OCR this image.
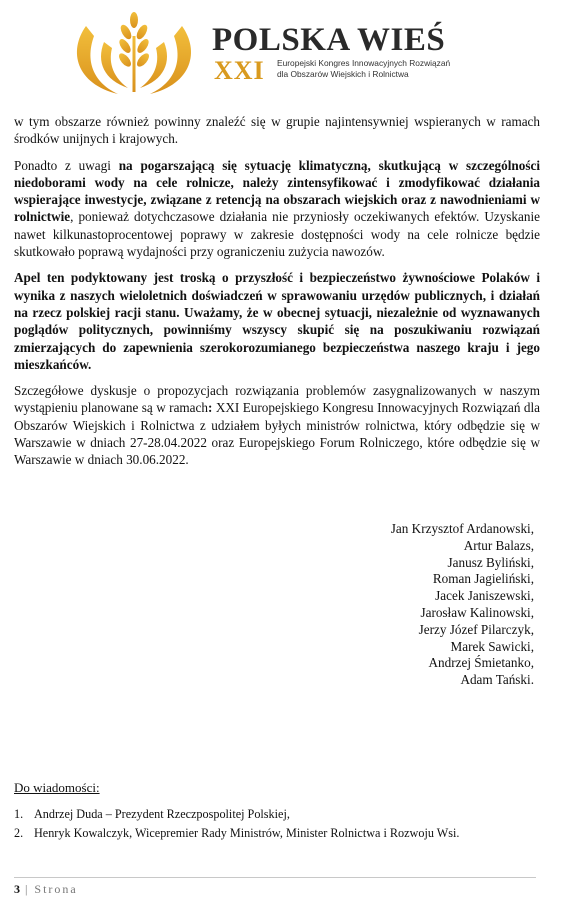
POLSKA WIEŚ
XXI Europejski Kongres Innowacyjnych Rozwiązań
dla Obszarów Wiejskich i Rolnictwa

w tym obszarze również powinny znaleźć się w grupie najintensywniej wspieranych w ramach środków unijnych i krajowych.

Ponadto z uwagi na pogarszającą się sytuację klimatyczną, skutkującą w szczególności niedoborami wody na cele rolnicze, należy zintensyfikować i zmodyfikować działania wspierające inwestycje, związane z retencją na obszarach wiejskich oraz z nawodnieniami w rolnictwie, ponieważ dotychczasowe działania nie przyniosły oczekiwanych efektów. Uzyskanie nawet kilkunastoprocentowej poprawy w zakresie dostępności wody na cele rolnicze będzie skutkowało poprawą wydajności przy ograniczeniu zużycia nawozów.

Apel ten podyktowany jest troską o przyszłość i bezpieczeństwo żywnościowe Polaków i wynika z naszych wieloletnich doświadczeń w sprawowaniu urzędów publicznych, i działań na rzecz polskiej racji stanu. Uważamy, że w obecnej sytuacji, niezależnie od wyznawanych poglądów politycznych, powinniśmy wszyscy skupić się na poszukiwaniu rozwiązań zmierzających do zapewnienia szerokorozumianego bezpieczeństwa naszego kraju i jego mieszkańców.

Szczegółowe dyskusje o propozycjach rozwiązania problemów zasygnalizowanych w naszym wystąpieniu planowane są w ramach: XXI Europejskiego Kongresu Innowacyjnych Rozwiązań dla Obszarów Wiejskich i Rolnictwa z udziałem byłych ministrów rolnictwa, który odbędzie się w Warszawie w dniach 27-28.04.2022 oraz Europejskiego Forum Rolniczego, które odbędzie się w Warszawie w dniach 30.06.2022.

Jan Krzysztof Ardanowski,
Artur Balazs,
Janusz Byliński,
Roman Jagieliński,
Jacek Janiszewski,
Jarosław Kalinowski,
Jerzy Józef Pilarczyk,
Marek Sawicki,
Andrzej Śmietanko,
Adam Tański.
Do wiadomości:
1. Andrzej Duda – Prezydent Rzeczpospolitej Polskiej,
2. Henryk Kowalczyk, Wicepremier Rady Ministrów, Minister Rolnictwa i Rozwoju Wsi.
3 | Strona
